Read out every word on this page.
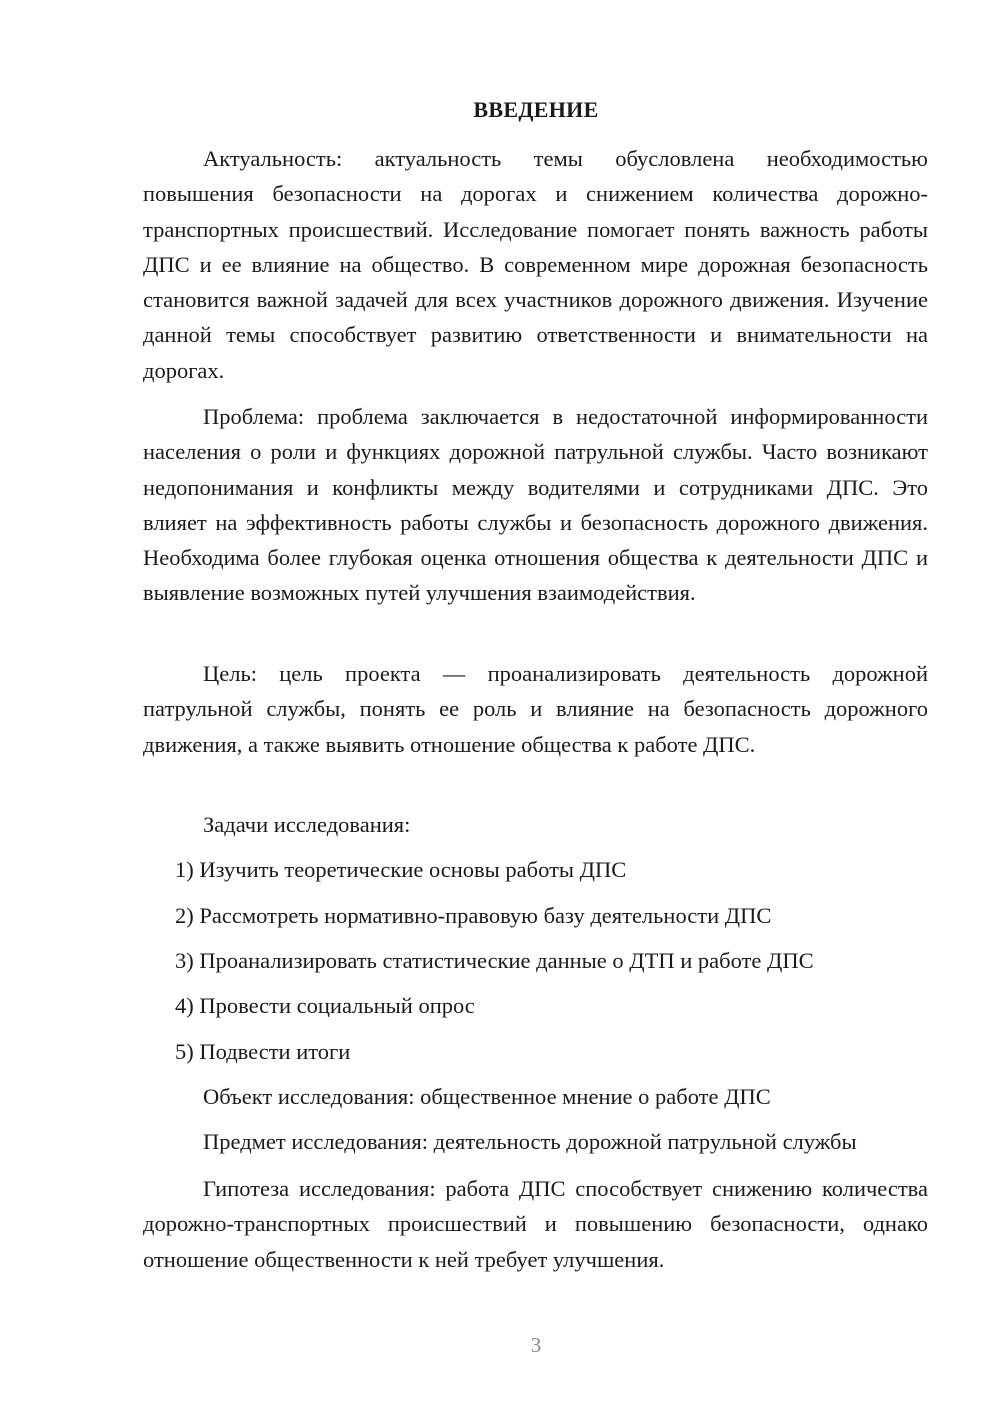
ВВЕДЕНИЕ

Актуальность: актуальность темы обусловлена необходимостью повышения безопасности на дорогах и снижением количества дорожно-транспортных происшествий. Исследование помогает понять важность работы ДПС и ее влияние на общество. В современном мире дорожная безопасность становится важной задачей для всех участников дорожного движения. Изучение данной темы способствует развитию ответственности и внимательности на дорогах.

Проблема: проблема заключается в недостаточной информированности населения о роли и функциях дорожной патрульной службы. Часто возникают недопонимания и конфликты между водителями и сотрудниками ДПС. Это влияет на эффективность работы службы и безопасность дорожного движения. Необходима более глубокая оценка отношения общества к деятельности ДПС и выявление возможных путей улучшения взаимодействия.

Цель: цель проекта — проанализировать деятельность дорожной патрульной службы, понять ее роль и влияние на безопасность дорожного движения, а также выявить отношение общества к работе ДПС.

Задачи исследования:
1) Изучить теоретические основы работы ДПС
2) Рассмотреть нормативно-правовую базу деятельности ДПС
3) Проанализировать статистические данные о ДТП и работе ДПС
4) Провести социальный опрос
5) Подвести итоги
Объект исследования: общественное мнение о работе ДПС
Предмет исследования: деятельность дорожной патрульной службы

Гипотеза исследования: работа ДПС способствует снижению количества дорожно-транспортных происшествий и повышению безопасности, однако отношение общественности к ней требует улучшения.

3
